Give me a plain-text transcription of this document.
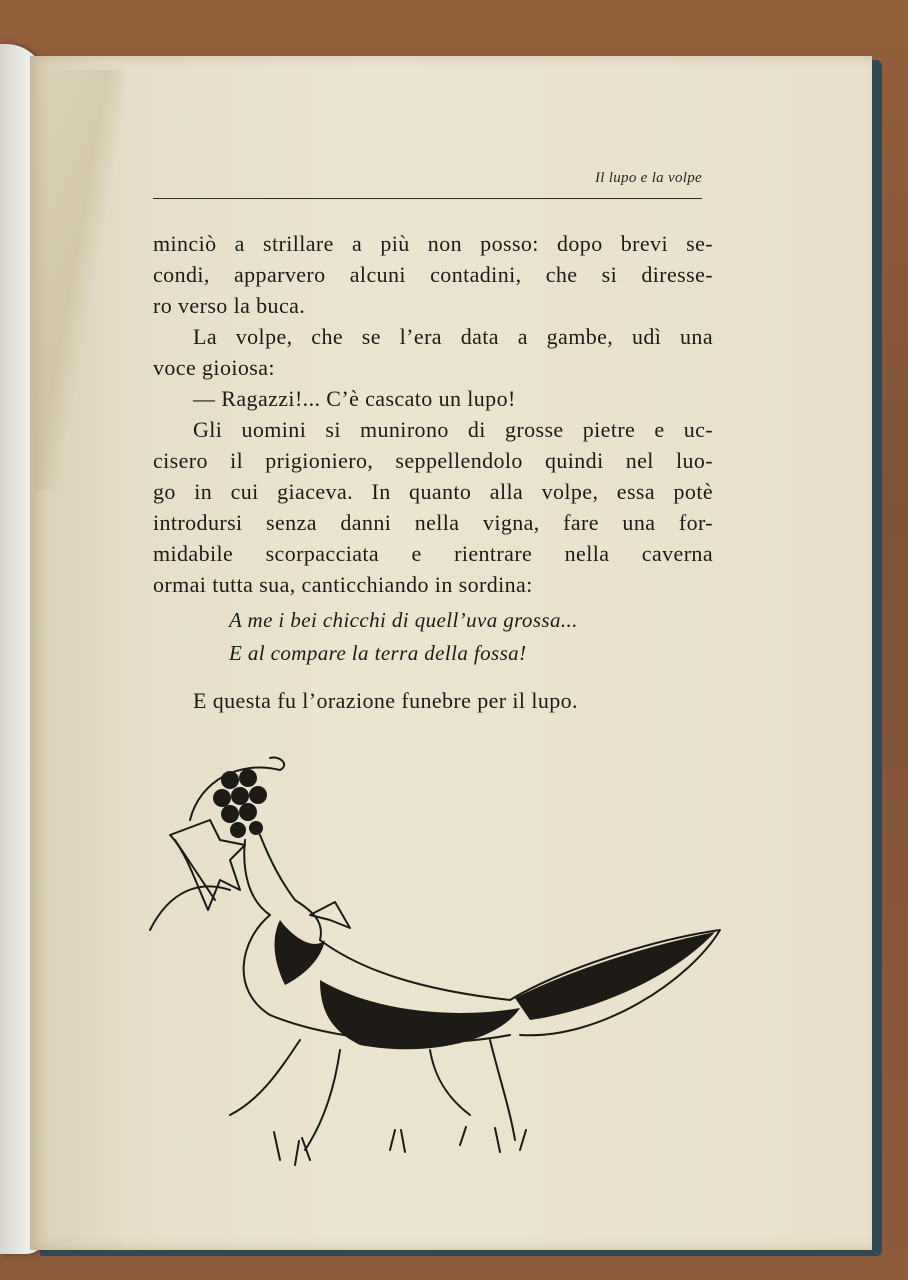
Il lupo e la volpe
minciò a strillare a più non posso: dopo brevi se-
condi, apparvero alcuni contadini, che si diresse-
ro verso la buca.
La volpe, che se l’era data a gambe, udì una
voce gioiosa:
— Ragazzi!... C’è cascato un lupo!
Gli uomini si munirono di grosse pietre e uc-
cisero il prigioniero, seppellendolo quindi nel luo-
go in cui giaceva. In quanto alla volpe, essa potè
introdursi senza danni nella vigna, fare una for-
midabile scorpacciata e rientrare nella caverna
ormai tutta sua, canticchiando in sordina:
A me i bei chicchi di quell’uva grossa...
E al compare la terra della fossa!
E questa fu l’orazione funebre per il lupo.
